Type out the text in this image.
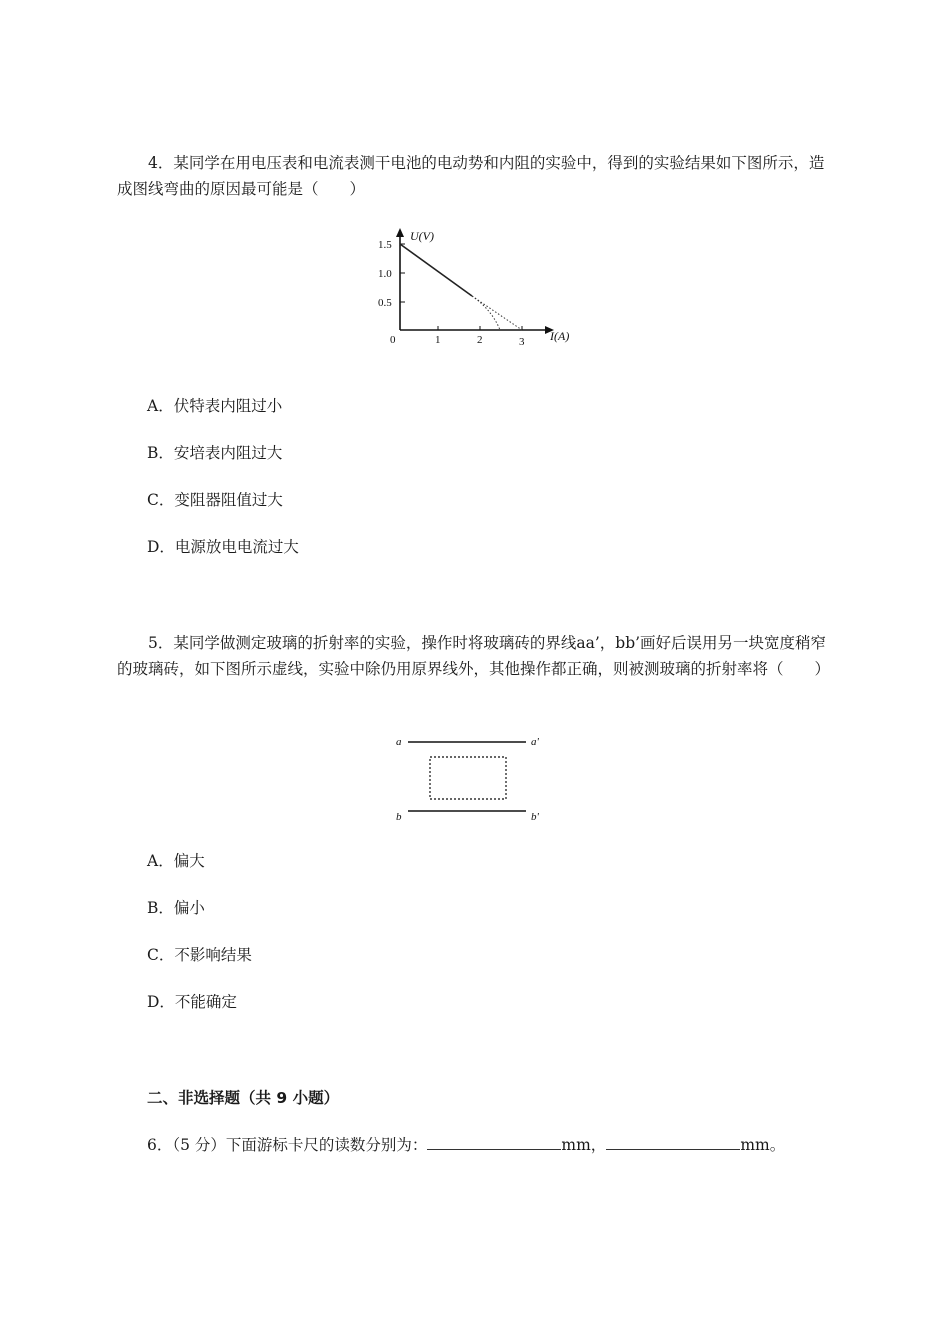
4．某同学在用电压表和电流表测干电池的电动势和内阻的实验中，得到的实验结果如下图所示，造成图线弯曲的原因最可能是（　　）
U(V)
1.5
1.0
0.5
0	1	2	3 I(A)
A．伏特表内阻过小
B．安培表内阻过大
C．变阻器阻值过大
D．电源放电电流过大
5．某同学做测定玻璃的折射率的实验，操作时将玻璃砖的界线aa’，bb’画好后误用另一块宽度稍窄的玻璃砖，如下图所示虚线，实验中除仍用原界线外，其他操作都正确，则被测玻璃的折射率将（　　）
a	a'
b	b'
A．偏大
B．偏小
C．不影响结果
D．不能确定
二、非选择题（共 9 小题）
6．（5 分）下面游标卡尺的读数分别为：	mm，	mm。
